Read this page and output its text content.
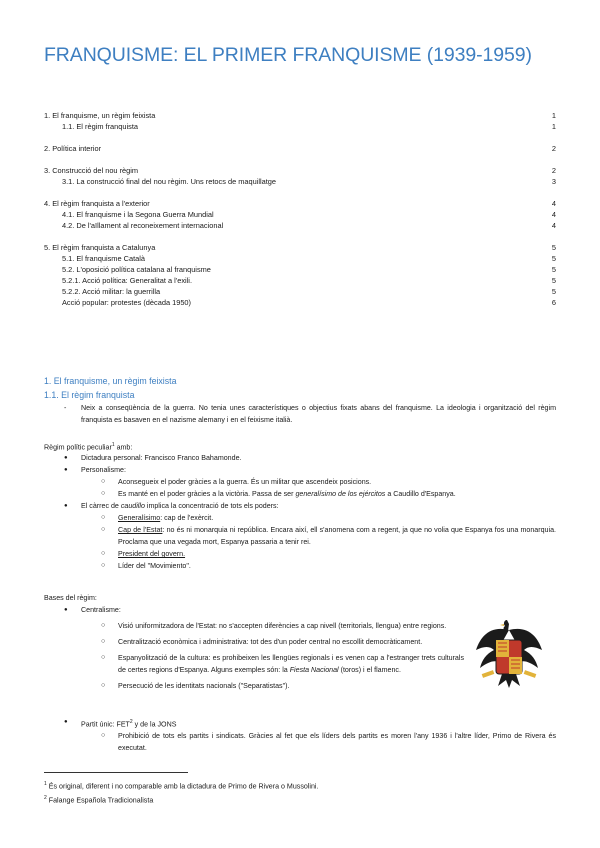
FRANQUISME: EL PRIMER FRANQUISME (1939-1959)
1. El franquisme, un règim feixista	1
1.1. El règim franquista	1
2. Política interior	2
3. Construcció del nou règim	2
3.1. La construcció final del nou règim. Uns retocs de maquillatge	3
4. El règim franquista a l'exterior	4
4.1. El franquisme i la Segona Guerra Mundial	4
4.2. De l'aïllament al reconeixement internacional	4
5. El règim franquista a Catalunya	5
5.1. El franquisme Català	5
5.2. L'oposició política catalana al franquisme	5
5.2.1. Acció política: Generalitat a l'exili.	5
5.2.2. Acció militar: la guerrilla	5
Acció popular: protestes (dècada 1950)	6
1. El franquisme, un règim feixista
1.1. El règim franquista
- Neix a conseqüència de la guerra. No tenia unes característiques o objectius fixats abans del franquisme. La ideologia i organització del règim franquista es basaven en el nazisme alemany i en el feixisme italià.
Règim polític peculiar$^1$ amb:
● Dictadura personal: Francisco Franco Bahamonde.
● Personalisme:
○ Aconsegueix el poder gràcies a la guerra. És un militar que ascendeix posicions.
○ Es manté en el poder gràcies a la victòria. Passa de ser generalísimo de los ejércitos a Caudillo d'Espanya.
● El càrrec de caudillo implica la concentració de tots els poders:
○ Generalísimo: cap de l'exèrcit.
○ Cap de l'Estat: no és ni monarquia ni república. Encara així, ell s'anomena com a regent, ja que no volia que Espanya fos una monarquia. Proclama que una vegada mort, Espanya passaria a tenir rei.
○ President del govern.
○ Líder del "Movimiento".
Bases del règim:
● Centralisme:
○ Visió uniformitzadora de l'Estat: no s'accepten diferències a cap nivell (territorials, llengua) entre regions.
○ Centralització econòmica i administrativa: tot des d'un poder central no escollit democràticament.
○ Espanyolització de la cultura: es prohibeixen les llengües regionals i es venen cap a l'estranger trets culturals de certes regions d'Espanya. Alguns exemples són: la Fiesta Nacional (toros) i el flamenc.
○ Persecució de les identitats nacionals ("Separatistas").
● Partit únic: FET$^2$ y de la JONS
○ Prohibició de tots els partits i sindicats. Gràcies al fet que els líders dels partits es moren l'any 1936 i l'altre líder, Primo de Rivera és executat.
$^1$ És original, diferent i no comparable amb la dictadura de Primo de Rivera o Mussolini.
$^2$ Falange Española Tradicionalista
